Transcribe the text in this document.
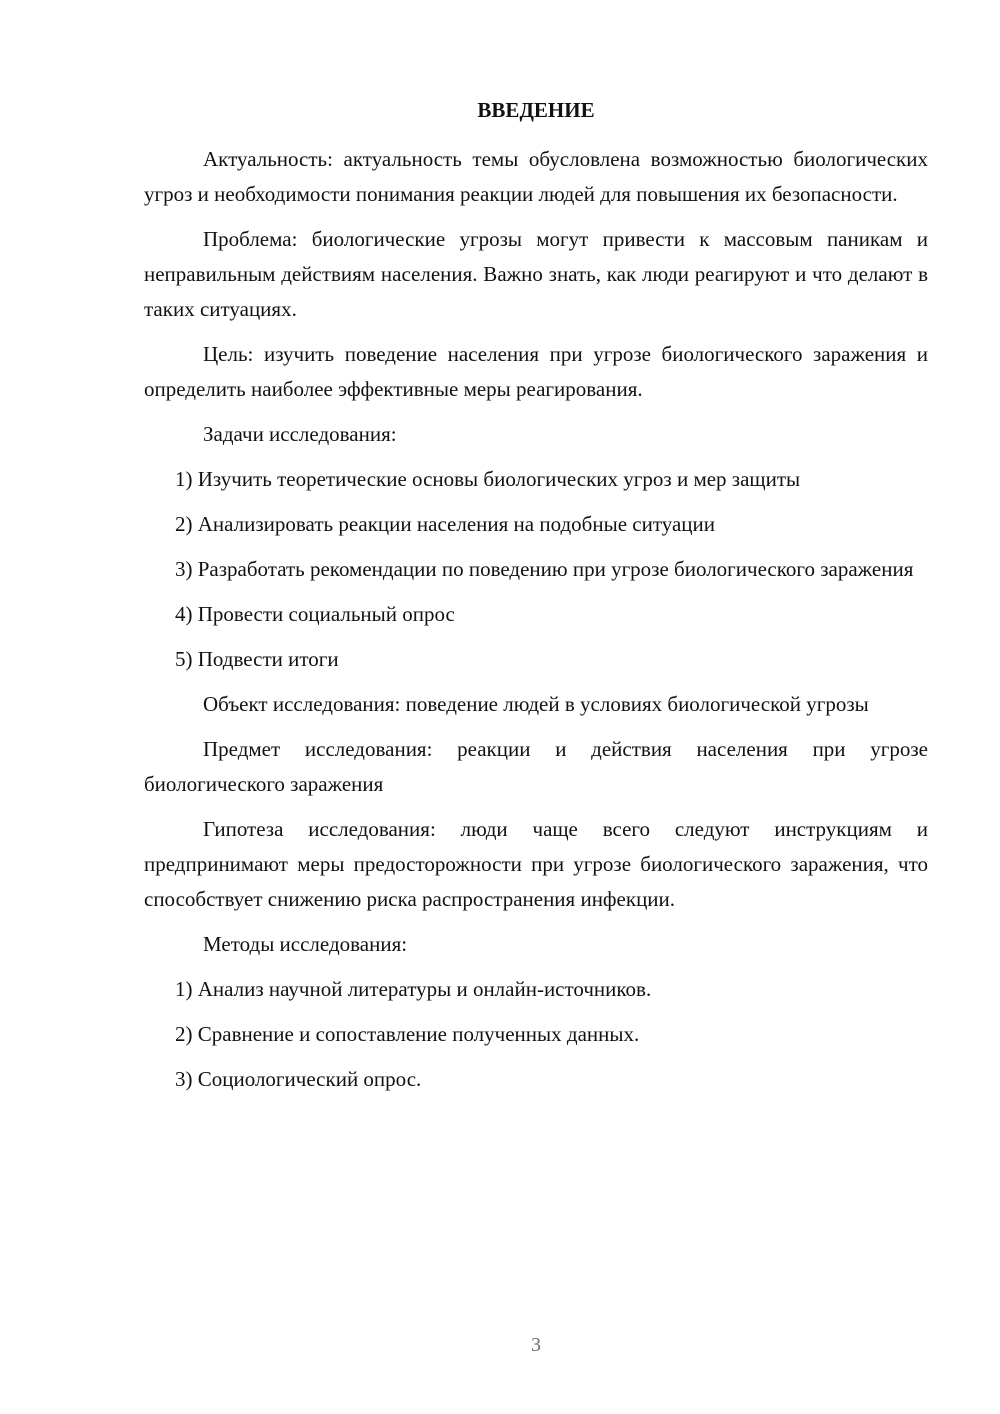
ВВЕДЕНИЕ

Актуальность: актуальность темы обусловлена возможностью биологических угроз и необходимости понимания реакции людей для повышения их безопасности.

Проблема: биологические угрозы могут привести к массовым паникам и неправильным действиям населения. Важно знать, как люди реагируют и что делают в таких ситуациях.

Цель: изучить поведение населения при угрозе биологического заражения и определить наиболее эффективные меры реагирования.

Задачи исследования:

1) Изучить теоретические основы биологических угроз и мер защиты

2) Анализировать реакции населения на подобные ситуации

3) Разработать рекомендации по поведению при угрозе биологического заражения

4) Провести социальный опрос

5) Подвести итоги

Объект исследования: поведение людей в условиях биологической угрозы

Предмет исследования: реакции и действия населения при угрозе биологического заражения

Гипотеза исследования: люди чаще всего следуют инструкциям и предпринимают меры предосторожности при угрозе биологического заражения, что способствует снижению риска распространения инфекции.

Методы исследования:

1) Анализ научной литературы и онлайн-источников.

2) Сравнение и сопоставление полученных данных.

3) Социологический опрос.

3
